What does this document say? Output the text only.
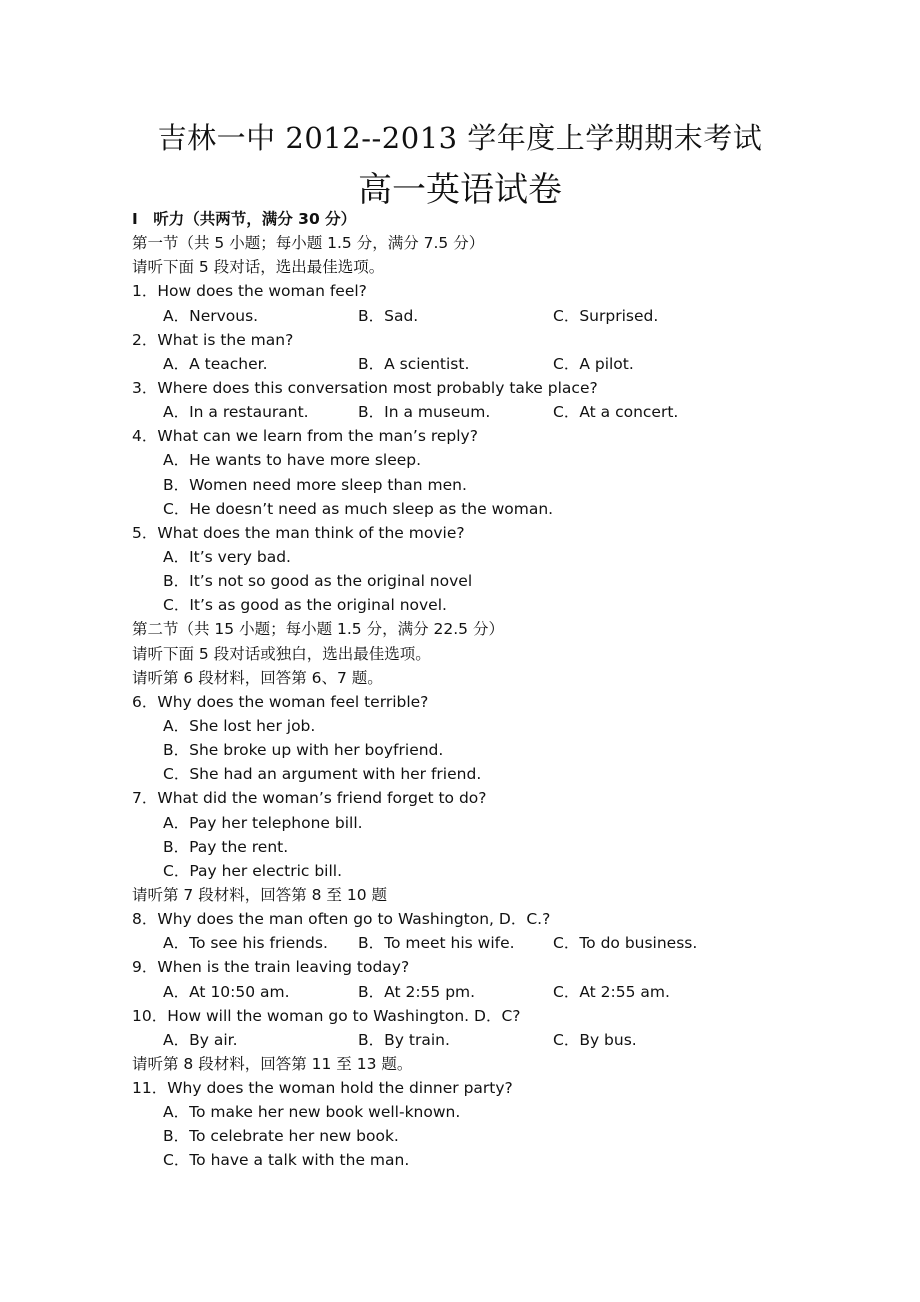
吉林一中 2012--2013 学年度上学期期末考试
高一英语试卷
I　听力（共两节，满分 30 分）
第一节（共 5 小题；每小题 1.5 分，满分 7.5 分）
请听下面 5 段对话，选出最佳选项。
1．How does the woman feel?
A．Nervous.	B．Sad.	C．Surprised.
2．What is the man?
A．A teacher.	B．A scientist.	C．A pilot.
3．Where does this conversation most probably take place?
A．In a restaurant.	B．In a museum.	C．At a concert.
4．What can we learn from the man’s reply?
A．He wants to have more sleep.
B．Women need more sleep than men.
C．He doesn’t need as much sleep as the woman.
5．What does the man think of the movie?
A．It’s very bad.
B．It’s not so good as the original novel
C．It’s as good as the original novel.
第二节（共 15 小题；每小题 1.5 分，满分 22.5 分）
请听下面 5 段对话或独白，选出最佳选项。
请听第 6 段材料，回答第 6、7 题。
6．Why does the woman feel terrible?
A．She lost her job.
B．She broke up with her boyfriend.
C．She had an argument with her friend.
7．What did the woman’s friend forget to do?
A．Pay her telephone bill.
B．Pay the rent.
C．Pay her electric bill.
请听第 7 段材料，回答第 8 至 10 题
8．Why does the man often go to Washington, D．C.?
A．To see his friends. B．To meet his wife. C．To do business.
9．When is the train leaving today?
A．At 10:50 am.	B．At 2:55 pm.	C．At 2:55 am.
10．How will the woman go to Washington. D．C?
A．By air.	B．By train.	C．By bus.
请听第 8 段材料，回答第 11 至 13 题。
11．Why does the woman hold the dinner party?
A．To make her new book well-known.
B．To celebrate her new book.
C．To have a talk with the man.
